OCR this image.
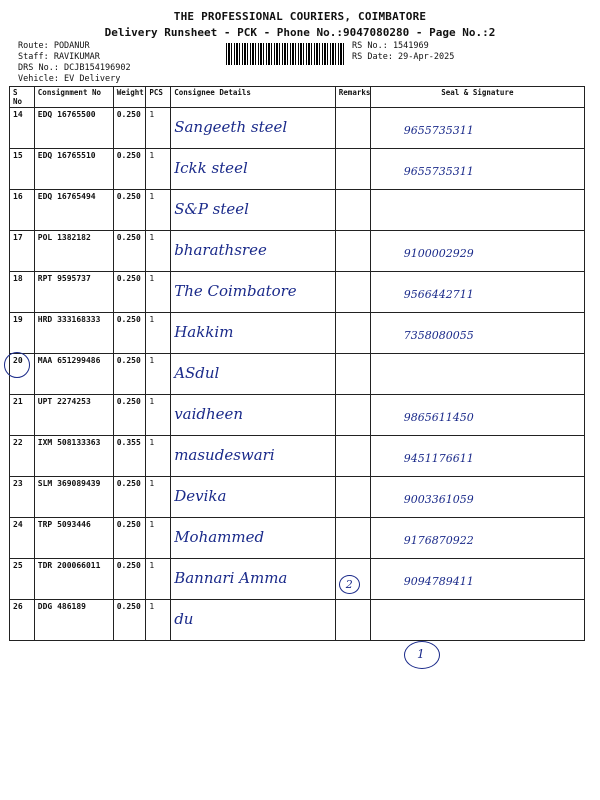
THE PROFESSIONAL COURIERS, COIMBATORE
Delivery Runsheet - PCK - Phone No.:9047080280 - Page No.:2
Route: PODANUR
Staff: RAVIKUMAR
DRS No.: DCJB154196902
Vehicle: EV Delivery
RS No.: 1541969
RS Date: 29-Apr-2025
S No	Consignment No	Weight	PCS	Consignee Details	Remarks	Seal & Signature
14	EDQ 16765500	0.250	1	Sangeeth steel		9655735311
15	EDQ 16765510	0.250	1	Ickk steel		9655735311
16	EDQ 16765494	0.250	1	S&P steel		
17	POL 1382182	0.250	1	bharathsree		9100002929
18	RPT 9595737	0.250	1	The Coimbatore		9566442711
19	HRD 333168333	0.250	1	Hakkim		7358080055
20	MAA 651299486	0.250	1	ASdul		
21	UPT 2274253	0.250	1	vaidheen		9865611450
22	IXM 508133363	0.355	1	masudeswari		9451176611
23	SLM 369089439	0.250	1	Devika		9003361059
24	TRP 5093446	0.250	1	Mohammed		9176870922
25	TDR 200066011	0.250	1	Bannari Amma	2	9094789411
26	DDG 486189	0.250	1	du		
1
